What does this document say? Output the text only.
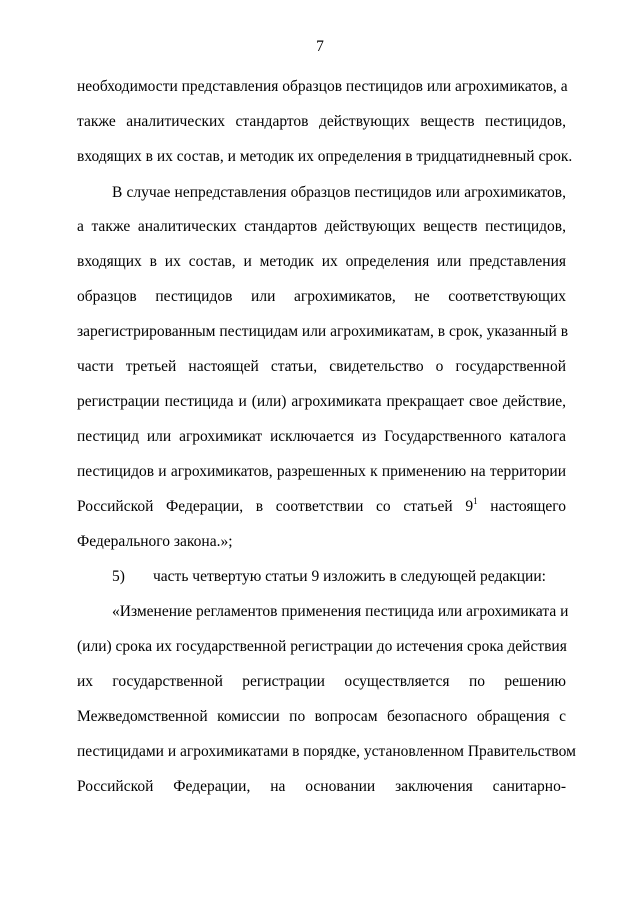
7
необходимости представления образцов пестицидов или агрохимикатов, а
также аналитических стандартов действующих веществ пестицидов,
входящих в их состав, и методик их определения в тридцатидневный срок.
В случае непредставления образцов пестицидов или агрохимикатов,
а также аналитических стандартов действующих веществ пестицидов,
входящих в их состав, и методик их определения или представления
образцов пестицидов или агрохимикатов, не соответствующих
зарегистрированным пестицидам или агрохимикатам, в срок, указанный в
части третьей настоящей статьи, свидетельство о государственной
регистрации пестицида и (или) агрохимиката прекращает свое действие,
пестицид или агрохимикат исключается из Государственного каталога
пестицидов и агрохимикатов, разрешенных к применению на территории
Российской Федерации, в соответствии со статьей $9^1$ настоящего
Федерального закона.»;
5)	часть четвертую статьи 9 изложить в следующей редакции:
«Изменение регламентов применения пестицида или агрохимиката и
(или) срока их государственной регистрации до истечения срока действия
их государственной регистрации осуществляется по решению
Межведомственной комиссии по вопросам безопасного обращения с
пестицидами и агрохимикатами в порядке, установленном Правительством
Российской Федерации, на основании заключения санитарно-
